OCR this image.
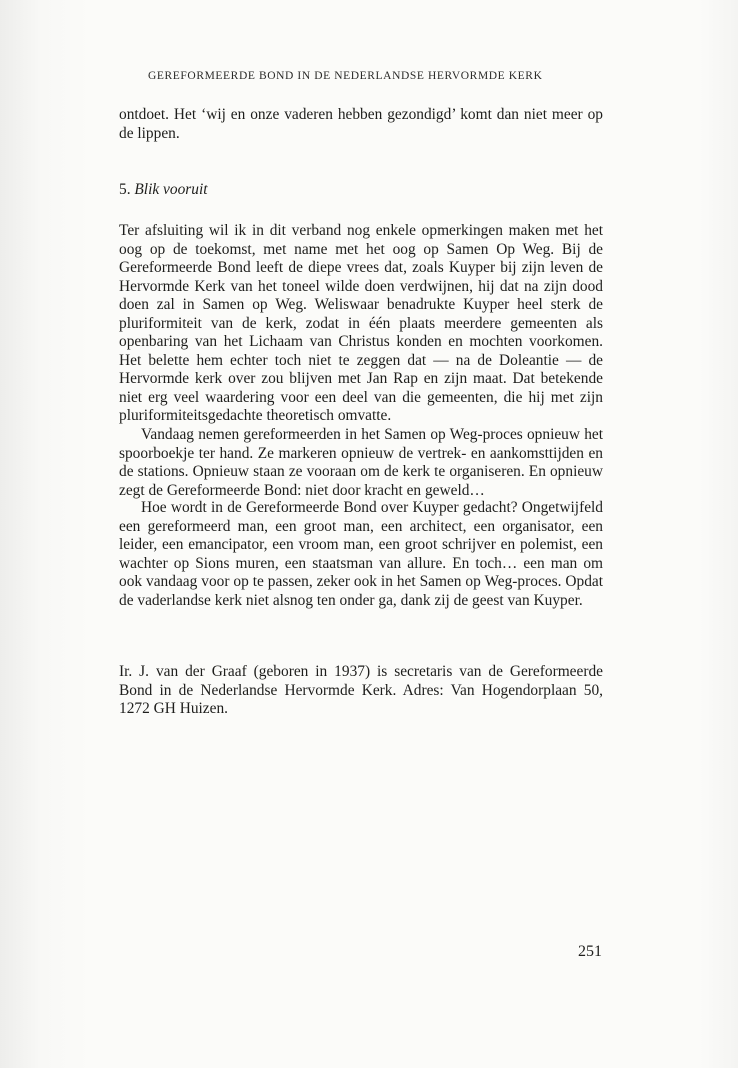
GEREFORMEERDE BOND IN DE NEDERLANDSE HERVORMDE KERK

ontdoet. Het ‘wij en onze vaderen hebben gezondigd’ komt dan niet meer op de lippen.

5. Blik vooruit

Ter afsluiting wil ik in dit verband nog enkele opmerkingen maken met het oog op de toekomst, met name met het oog op Samen Op Weg. Bij de Gereformeerde Bond leeft de diepe vrees dat, zoals Kuyper bij zijn leven de Hervormde Kerk van het toneel wilde doen verdwijnen, hij dat na zijn dood doen zal in Samen op Weg. Weliswaar benadrukte Kuyper heel sterk de pluriformiteit van de kerk, zodat in één plaats meerdere gemeenten als openbaring van het Lichaam van Christus konden en mochten voorkomen. Het belette hem echter toch niet te zeggen dat — na de Doleantie — de Hervormde kerk over zou blijven met Jan Rap en zijn maat. Dat betekende niet erg veel waardering voor een deel van die gemeenten, die hij met zijn pluriformiteitsgedachte theoretisch omvatte.

Vandaag nemen gereformeerden in het Samen op Weg-proces opnieuw het spoorboekje ter hand. Ze markeren opnieuw de vertrek- en aankomsttijden en de stations. Opnieuw staan ze vooraan om de kerk te organiseren. En opnieuw zegt de Gereformeerde Bond: niet door kracht en geweld…

Hoe wordt in de Gereformeerde Bond over Kuyper gedacht? Ongetwijfeld een gereformeerd man, een groot man, een architect, een organisator, een leider, een emancipator, een vroom man, een groot schrijver en polemist, een wachter op Sions muren, een staatsman van allure. En toch… een man om ook vandaag voor op te passen, zeker ook in het Samen op Weg-proces. Opdat de vaderlandse kerk niet alsnog ten onder ga, dank zij de geest van Kuyper.

Ir. J. van der Graaf (geboren in 1937) is secretaris van de Gereformeerde Bond in de Nederlandse Hervormde Kerk. Adres: Van Hogendorplaan 50, 1272 GH Huizen.

251
